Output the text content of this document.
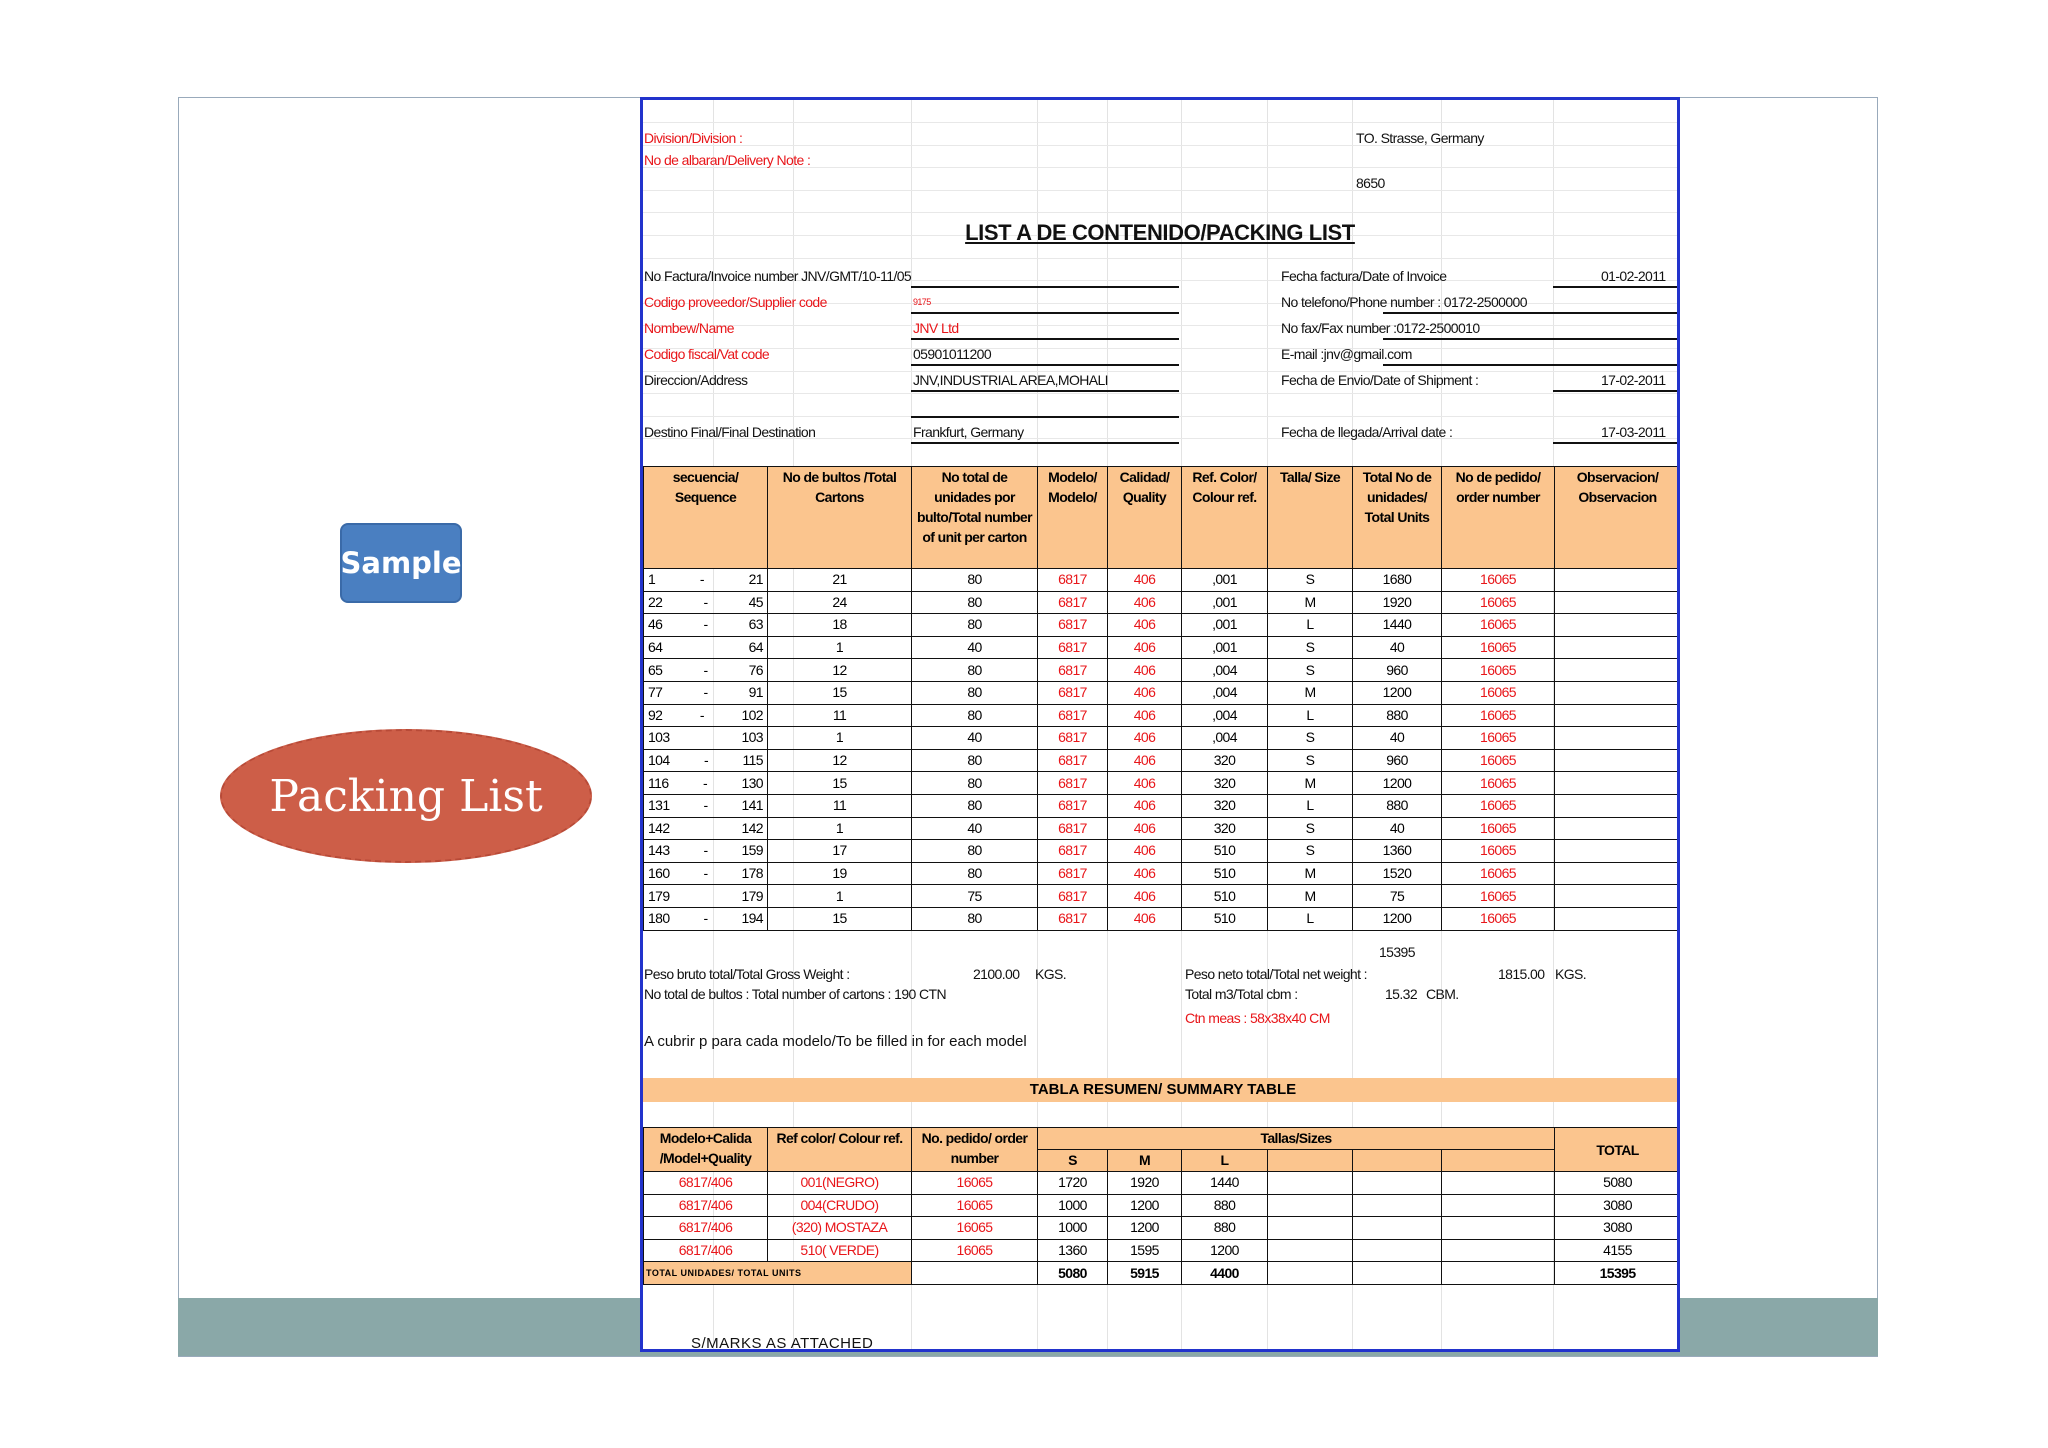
Sample
Packing List
Division/Division :
No de albaran/Delivery Note :
TO. Strasse, Germany
8650
LIST A DE CONTENIDO/PACKING LIST
No Factura/Invoice number JNV/GMT/10-11/05
Codigo proveedor/Supplier code	9175
Nombew/Name	JNV Ltd
Codigo fiscal/Vat code	05901011200
Direccion/Address	JNV,INDUSTRIAL AREA,MOHALI
Destino Final/Final Destination	Frankfurt, Germany
Fecha factura/Date of Invoice	01-02-2011
No telefono/Phone number : 0172-2500000
No fax/Fax number :0172-2500010
E-mail :jnv@gmail.com
Fecha de Envio/Date of Shipment :	17-02-2011
Fecha de llegada/Arrival date :	17-03-2011
secuencia/ Sequence	No de bultos /Total Cartons	No total de unidades por bulto/Total number of unit per carton	Modelo/ Modelo/	Calidad/ Quality	Ref. Color/ Colour ref.	Talla/ Size	Total No de unidades/ Total Units	No de pedido/ order number	Observacion/ Observacion

1 - 21	21	80	6817	406	,001	S	1680	16065	

22 - 45	24	80	6817	406	,001	M	1920	16065	

46 - 63	18	80	6817	406	,001	L	1440	16065	

64 64	1	40	6817	406	,001	S	40	16065	

65 - 76	12	80	6817	406	,004	S	960	16065	

77 - 91	15	80	6817	406	,004	M	1200	16065	

92 - 102	11	80	6817	406	,004	L	880	16065	

103 103	1	40	6817	406	,004	S	40	16065	

104 - 115	12	80	6817	406	320	S	960	16065	

116 - 130	15	80	6817	406	320	M	1200	16065	

131 - 141	11	80	6817	406	320	L	880	16065	

142 142	1	40	6817	406	320	S	40	16065	

143 - 159	17	80	6817	406	510	S	1360	16065	

160 - 178	19	80	6817	406	510	M	1520	16065	

179 179	1	75	6817	406	510	M	75	16065	

180 - 194	15	80	6817	406	510	L	1200	16065	
15395
Peso bruto total/Total Gross Weight :	2100.00 KGS.
No total de bultos : Total number of cartons : 190 CTN
Peso neto total/Total net weight :	1815.00 KGS.
Total m3/Total cbm :	15.32 CBM.
Ctn meas : 58x38x40 CM
A cubrir p para cada modelo/To be filled in for each model
TABLA RESUMEN/ SUMMARY TABLE
Modelo+Calida /Model+Quality	Ref color/ Colour ref.	No. pedido/ order number	Tallas/Sizes						TOTAL
			S	M	L				
6817/406	001(NEGRO)	16065	1720	1920	1440				5080
6817/406	004(CRUDO)	16065	1000	1200	880				3080
6817/406	(320) MOSTAZA	16065	1000	1200	880				3080
6817/406	510( VERDE)	16065	1360	1595	1200				4155
TOTAL UNIDADES/ TOTAL UNITS			5080	5915	4400				15395
S/MARKS AS ATTACHED
